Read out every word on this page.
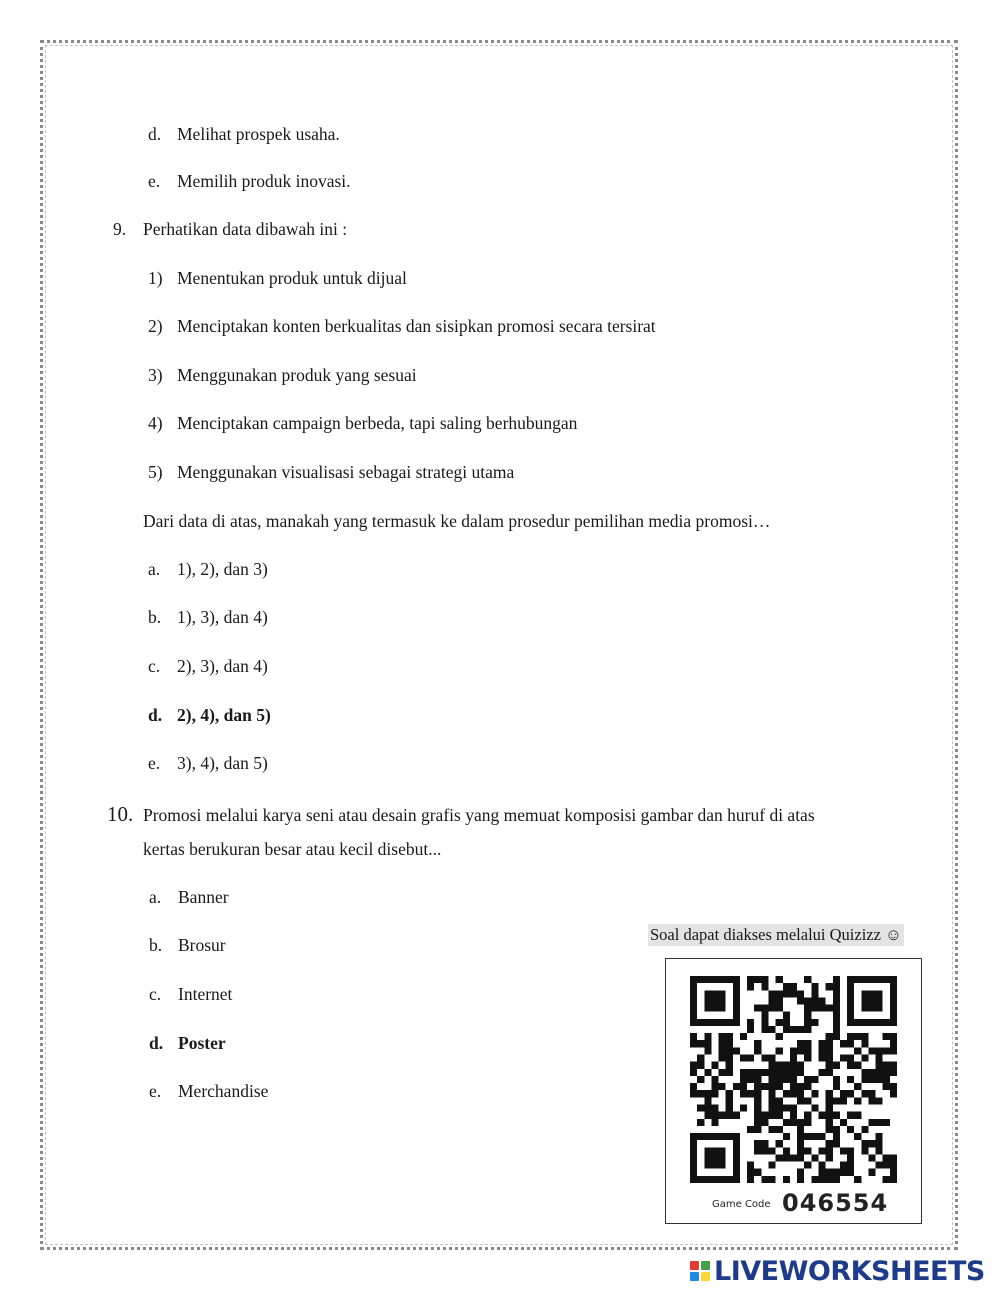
d. Melihat prospek usaha.
e. Memilih produk inovasi.
9. Perhatikan data dibawah ini :
1) Menentukan produk untuk dijual
2) Menciptakan konten berkualitas dan sisipkan promosi secara tersirat
3) Menggunakan produk yang sesuai
4) Menciptakan campaign berbeda, tapi saling berhubungan
5) Menggunakan visualisasi sebagai strategi utama
Dari data di atas, manakah yang termasuk ke dalam prosedur pemilihan media promosi…
a. 1), 2), dan 3)
b. 1), 3), dan 4)
c. 2), 3), dan 4)
d. 2), 4), dan 5)
e. 3), 4), dan 5)
10. Promosi melalui karya seni atau desain grafis yang memuat komposisi gambar dan huruf di atas
kertas berukuran besar atau kecil disebut...
a. Banner
b. Brosur
c. Internet
d. Poster
e. Merchandise
Soal dapat diakses melalui Quizizz ☺
Game Code 046554
LIVEWORKSHEETS
